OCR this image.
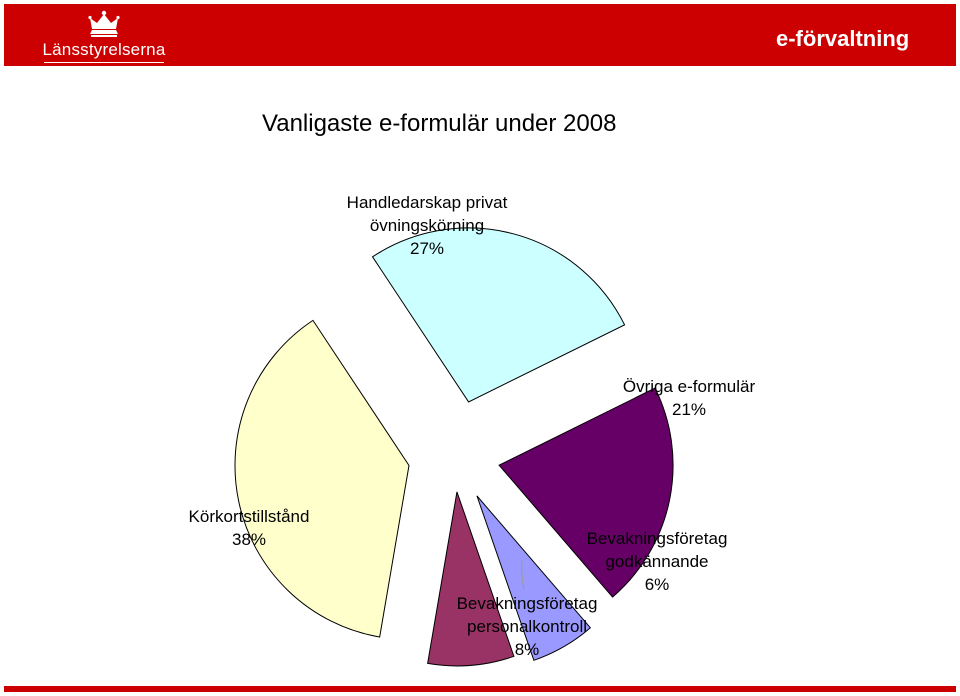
Länsstyrelserna	e-förvaltning
Vanligaste e-formulär under 2008
Handledarskap privat övningskörning 27%
Övriga e-formulär 21%
Bevakningsföretag godkännande 6%
Bevakningsföretag personalkontroll 8%
Körkortstillstånd 38%
